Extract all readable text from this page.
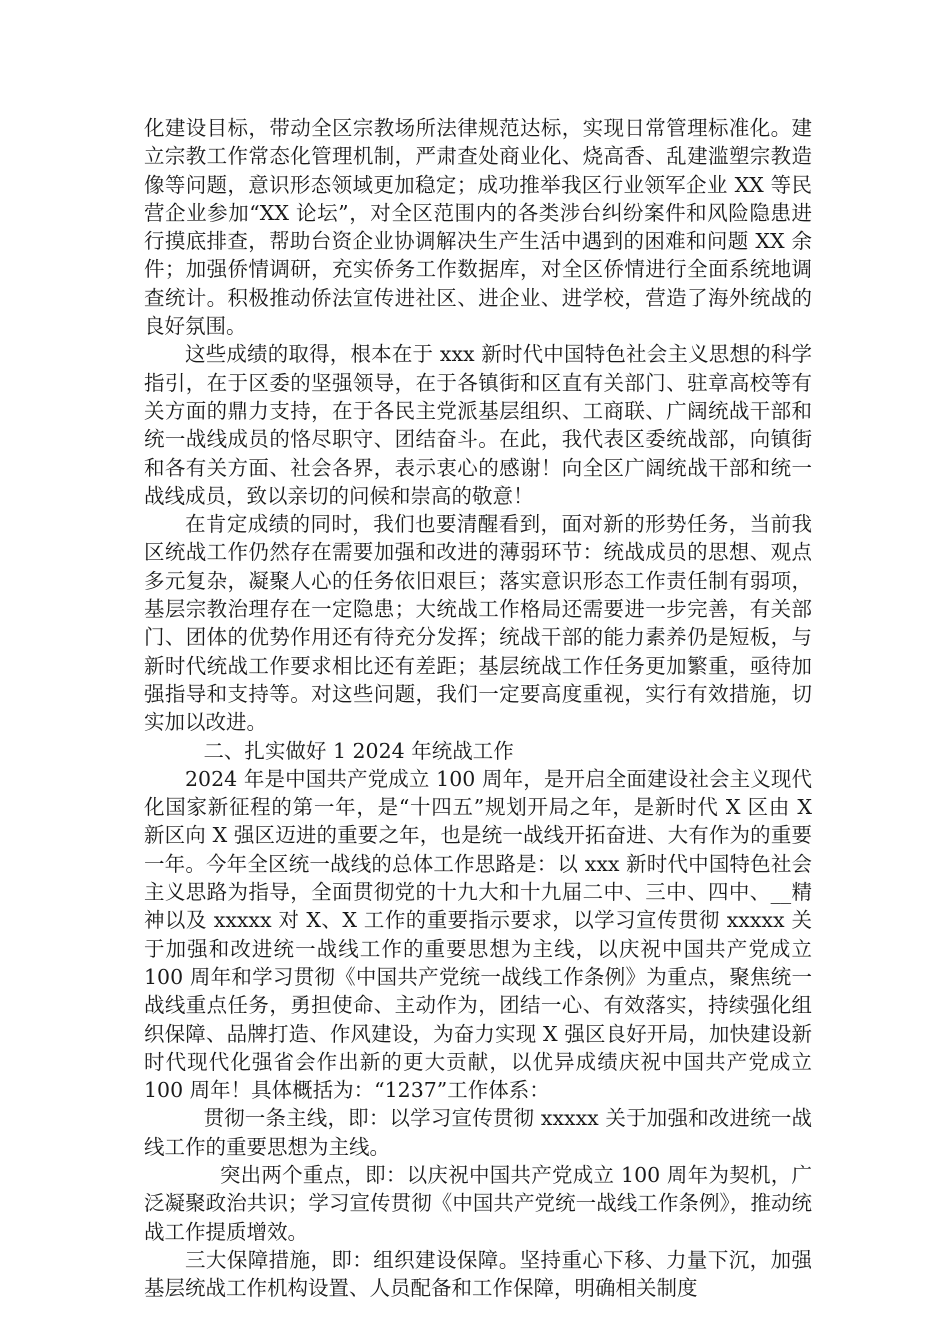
化建设目标，带动全区宗教场所法律规范达标，实现日常管理标准化。建立宗教工作常态化管理机制，严肃查处商业化、烧高香、乱建滥塑宗教造像等问题，意识形态领域更加稳定；成功推举我区行业领军企业 XX 等民营企业参加“XX 论坛”，对全区范围内的各类涉台纠纷案件和风险隐患进行摸底排查，帮助台资企业协调解决生产生活中遇到的困难和问题 XX 余件；加强侨情调研，充实侨务工作数据库，对全区侨情进行全面系统地调查统计。积极推动侨法宣传进社区、进企业、进学校，营造了海外统战的良好氛围。

这些成绩的取得，根本在于 xxx 新时代中国特色社会主义思想的科学指引，在于区委的坚强领导，在于各镇街和区直有关部门、驻章高校等有关方面的鼎力支持，在于各民主党派基层组织、工商联、广阔统战干部和统一战线成员的恪尽职守、团结奋斗。在此，我代表区委统战部，向镇街和各有关方面、社会各界，表示衷心的感谢！向全区广阔统战干部和统一战线成员，致以亲切的问候和崇高的敬意！

在肯定成绩的同时，我们也要清醒看到，面对新的形势任务，当前我区统战工作仍然存在需要加强和改进的薄弱环节：统战成员的思想、观点多元复杂，凝聚人心的任务依旧艰巨；落实意识形态工作责任制有弱项，基层宗教治理存在一定隐患；大统战工作格局还需要进一步完善，有关部门、团体的优势作用还有待充分发挥；统战干部的能力素养仍是短板，与新时代统战工作要求相比还有差距；基层统战工作任务更加繁重，亟待加强指导和支持等。对这些问题，我们一定要高度重视，实行有效措施，切实加以改进。

二、扎实做好 1 2024 年统战工作

2024 年是中国共产党成立 100 周年，是开启全面建设社会主义现代化国家新征程的第一年，是“十四五”规划开局之年，是新时代 X 区由 X 新区向 X 强区迈进的重要之年，也是统一战线开拓奋进、大有作为的重要一年。今年全区统一战线的总体工作思路是：以 xxx 新时代中国特色社会主义思路为指导，全面贯彻党的十九大和十九届二中、三中、四中、__精神以及 xxxxx 对 X、X 工作的重要指示要求，以学习宣传贯彻 xxxxx 关于加强和改进统一战线工作的重要思想为主线，以庆祝中国共产党成立 100 周年和学习贯彻《中国共产党统一战线工作条例》为重点，聚焦统一战线重点任务，勇担使命、主动作为，团结一心、有效落实，持续强化组织保障、品牌打造、作风建设，为奋力实现 X 强区良好开局，加快建设新时代现代化强省会作出新的更大贡献，以优异成绩庆祝中国共产党成立 100 周年！具体概括为：“1237”工作体系：

贯彻一条主线，即：以学习宣传贯彻 xxxxx 关于加强和改进统一战线工作的重要思想为主线。

突出两个重点，即：以庆祝中国共产党成立 100 周年为契机，广泛凝聚政治共识；学习宣传贯彻《中国共产党统一战线工作条例》，推动统战工作提质增效。

三大保障措施，即：组织建设保障。坚持重心下移、力量下沉，加强基层统战工作机构设置、人员配备和工作保障，明确相关制度
